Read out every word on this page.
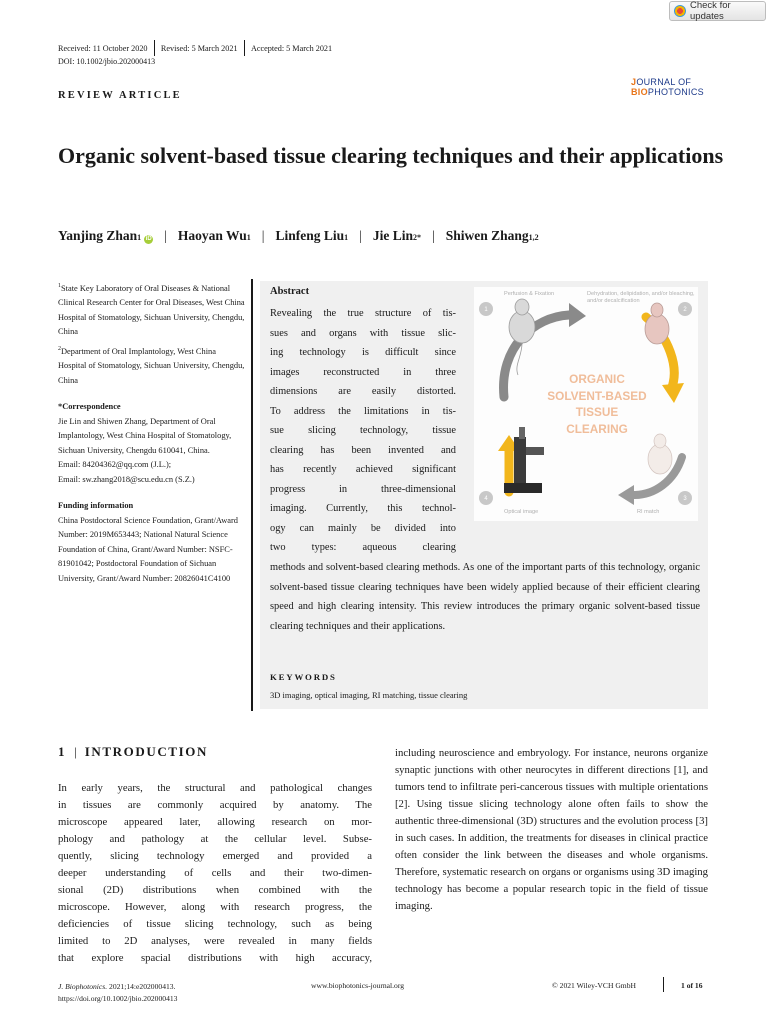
Check for updates
Received: 11 October 2020 Revised: 5 March 2021 Accepted: 5 March 2021
DOI: 10.1002/jbio.202000413
REVIEW ARTICLE
JOURNAL OF
BIOPHOTONICS
Organic solvent-based tissue clearing techniques and their applications
Yanjing Zhan 1 iD | Haoyan Wu 1 | Linfeng Liu 1 | Jie Lin 2* | Shiwen Zhang 1,2

$^1$State Key Laboratory of Oral Diseases & National Clinical Research Center for Oral Diseases, West China Hospital of Stomatology, Sichuan University, Chengdu, China

$^2$Department of Oral Implantology, West China Hospital of Stomatology, Sichuan University, Chengdu, China

*Correspondence

Jie Lin and Shiwen Zhang, Department of Oral Implantology, West China Hospital of Stomatology, Sichuan University, Chengdu 610041, China.

Email: 84204362@qq.com (J.L.);

Email: sw.zhang2018@scu.edu.cn (S.Z.)

Funding information

China Postdoctoral Science Foundation, Grant/Award Number: 2019M653443; National Natural Science Foundation of China, Grant/Award Number: NSFC-81901042; Postdoctoral Foundation of Sichuan University, Grant/Award Number: 20826041C4100

Abstract
Revealing the true structure of tis-
sues and organs with tissue slic-
ing technology is difficult since
images reconstructed in three
dimensions are easily distorted.
To address the limitations in tis-
sue slicing technology, tissue
clearing has been invented and
has recently achieved significant
progress in three-dimensional
imaging. Currently, this technol-
ogy can mainly be divided into
two types: aqueous clearing
methods and solvent-based clearing methods. As one of the important parts of this technology, organic solvent-based tissue clearing techniques have been widely applied because of their efficient clearing speed and high clearing intensity. This review introduces the primary organic solvent-based tissue clearing techniques and their applications.
1	2
3
4
Perfusion & Fixation	Dehydration, delipidation, and/or bleaching, and/or decalcification
Optical image	RI match
ORGANIC
SOLVENT-BASED
TISSUE
CLEARING
KEYWORDS
3D imaging, optical imaging, RI matching, tissue clearing
1 | INTRODUCTION
In early years, the structural and pathological changes
in tissues are commonly acquired by anatomy. The
microscope appeared later, allowing research on mor-
phology and pathology at the cellular level. Subse-
quently, slicing technology emerged and provided a
deeper understanding of cells and their two-dimen-
sional (2D) distributions when combined with the
microscope. However, along with research progress, the
deficiencies of tissue slicing technology, such as being
limited to 2D analyses, were revealed in many fields
that explore spacial distributions with high accuracy,
including neuroscience and embryology. For instance, neurons organize synaptic junctions with other neurocytes in different directions [1], and tumors tend to infiltrate peri-cancerous tissues with multiple orientations [2]. Using tissue slicing technology alone often fails to show the authentic three-dimensional (3D) structures and the evolution process [3] in such cases. In addition, the treatments for diseases in clinical practice often consider the link between the diseases and whole organisms. Therefore, systematic research on organs or organisms using 3D imaging technology has become a popular research topic in the field of tissue imaging.
J. Biophotonics. 2021;14:e202000413.
https://doi.org/10.1002/jbio.202000413
www.biophotonics-journal.org	© 2021 Wiley-VCH GmbH	1 of 16
